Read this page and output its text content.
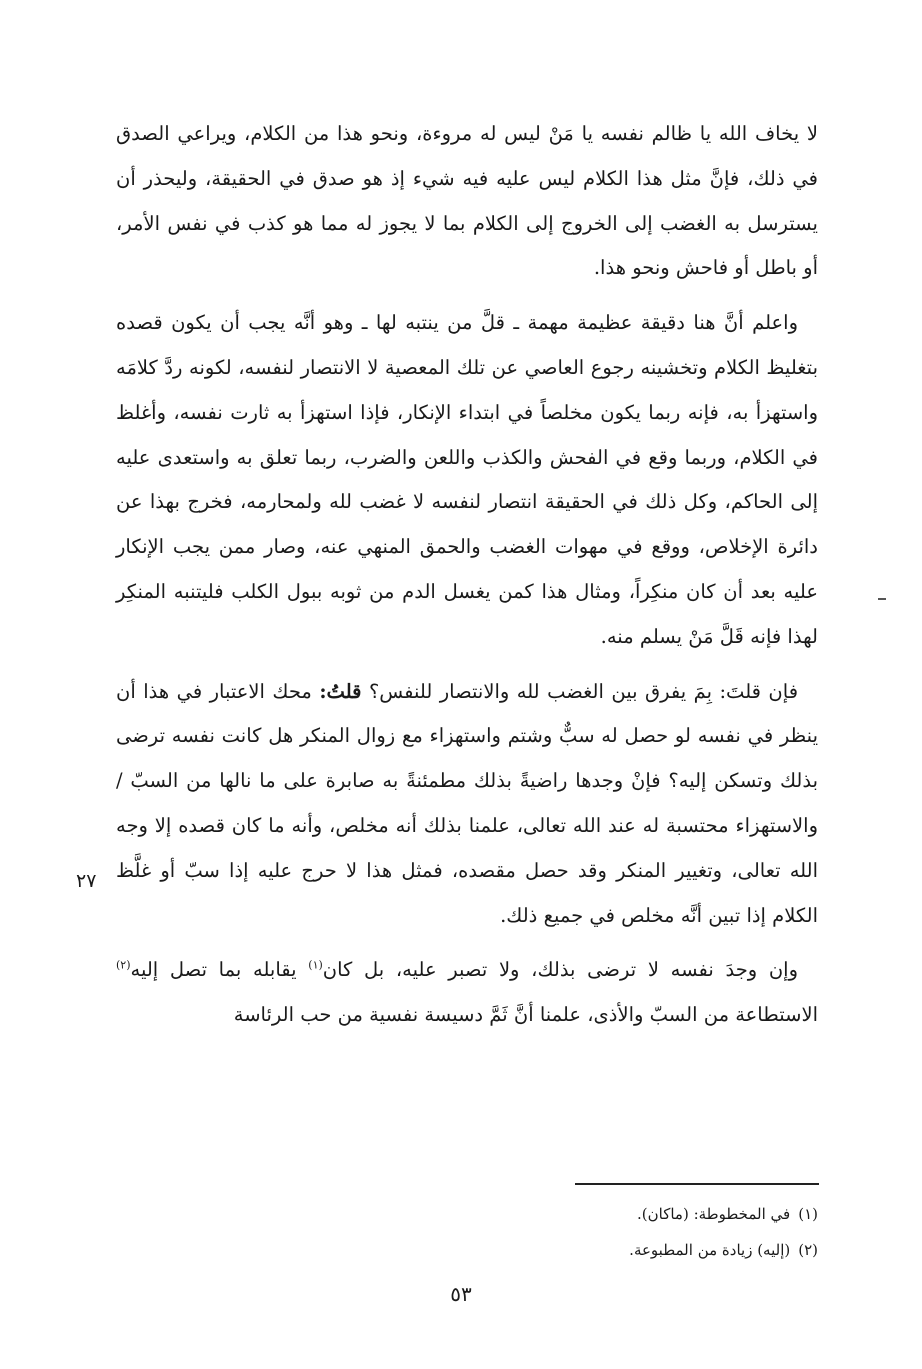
لا يخاف الله يا ظالم نفسه يا مَنْ ليس له مروءة، ونحو هذا من الكلام، ويراعي الصدق في ذلك، فإنَّ مثل هذا الكلام ليس عليه فيه شيء إذ هو صدق في الحقيقة، وليحذر أن يسترسل به الغضب إلى الخروج إلى الكلام بما لا يجوز له مما هو كذب في نفس الأمر، أو باطل أو فاحش ونحو هذا.

واعلم أنَّ هنا دقيقة عظيمة مهمة ـ قلَّ من ينتبه لها ـ وهو أنَّه يجب أن يكون قصده بتغليظ الكلام وتخشينه رجوع العاصي عن تلك المعصية لا الانتصار لنفسه، لكونه ردَّ كلامَه واستهزأ به، فإنه ربما يكون مخلصاً في ابتداء الإنكار، فإذا استهزأ به ثارت نفسه، وأغلظ في الكلام، وربما وقع في الفحش والكذب واللعن والضرب، ربما تعلق به واستعدى عليه إلى الحاكم، وكل ذلك في الحقيقة انتصار لنفسه لا غضب لله ولمحارمه، فخرج بهذا عن دائرة الإخلاص، ووقع في مهوات الغضب والحمق المنهي عنه، وصار ممن يجب الإنكار عليه بعد أن كان منكِراً، ومثال هذا كمن يغسل الدم من ثوبه ببول الكلب فليتنبه المنكِر لهذا فإنه قَلَّ مَنْ يسلم منه.

فإن قلتَ: بِمَ يفرق بين الغضب لله والانتصار للنفس؟ قلتُ: محك الاعتبار في هذا أن ينظر في نفسه لو حصل له سبٌّ وشتم واستهزاء مع زوال المنكر هل كانت نفسه ترضى بذلك وتسكن إليه؟ فإنْ وجدها راضيةً بذلك مطمئنةً به صابرة على ما نالها من السبّ / والاستهزاء محتسبة له عند الله تعالى، علمنا بذلك أنه مخلص، وأنه ما كان قصده إلا وجه الله تعالى، وتغيير المنكر وقد حصل مقصده، فمثل هذا لا حرج عليه إذا سبّ أو غلَّظ الكلام إذا تبين أنَّه مخلص في جميع ذلك.

وإن وجدَ نفسه لا ترضى بذلك، ولا تصبر عليه، بل كان$^{(١)}$ يقابله بما تصل إليه$^{(٢)}$ الاستطاعة من السبّ والأذى، علمنا أنَّ ثَمَّ دسيسة نفسية من حب الرئاسة

٢٧

(١)في المخطوطة: (ماكان).

(٢)(إليه) زيادة من المطبوعة.

٥٣
